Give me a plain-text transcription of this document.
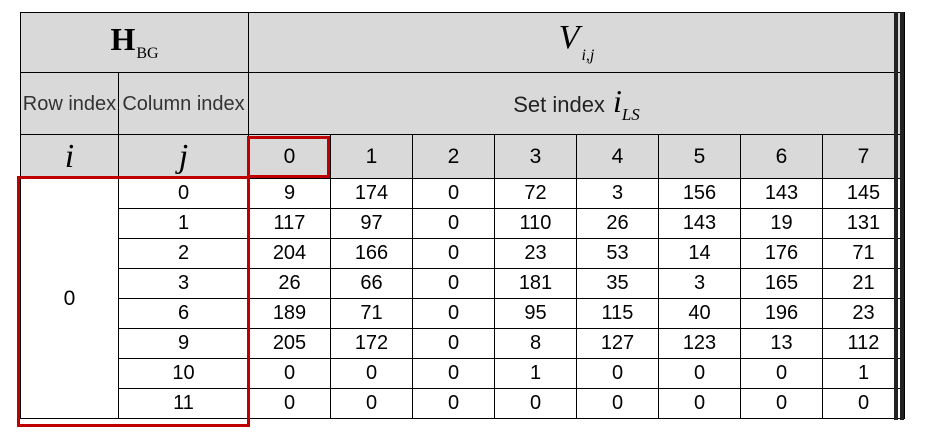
$H_{BG}$		V $_{i,j}$
Row index	Column index	Set index $i_{LS}$
i	j	0	1	2	3	4	5	6	7
0	0	9	174	0	72	3	156	143	145
	1	117	97	0	110	26	143	19	131
	2	204	166	0	23	53	14	176	71
	3	26	66	0	181	35	3	165	21
	6	189	71	0	95	115	40	196	23
	9	205	172	0	8	127	123	13	112
	10	0	0	0	1	0	0	0	1
	11	0	0	0	0	0	0	0	0
